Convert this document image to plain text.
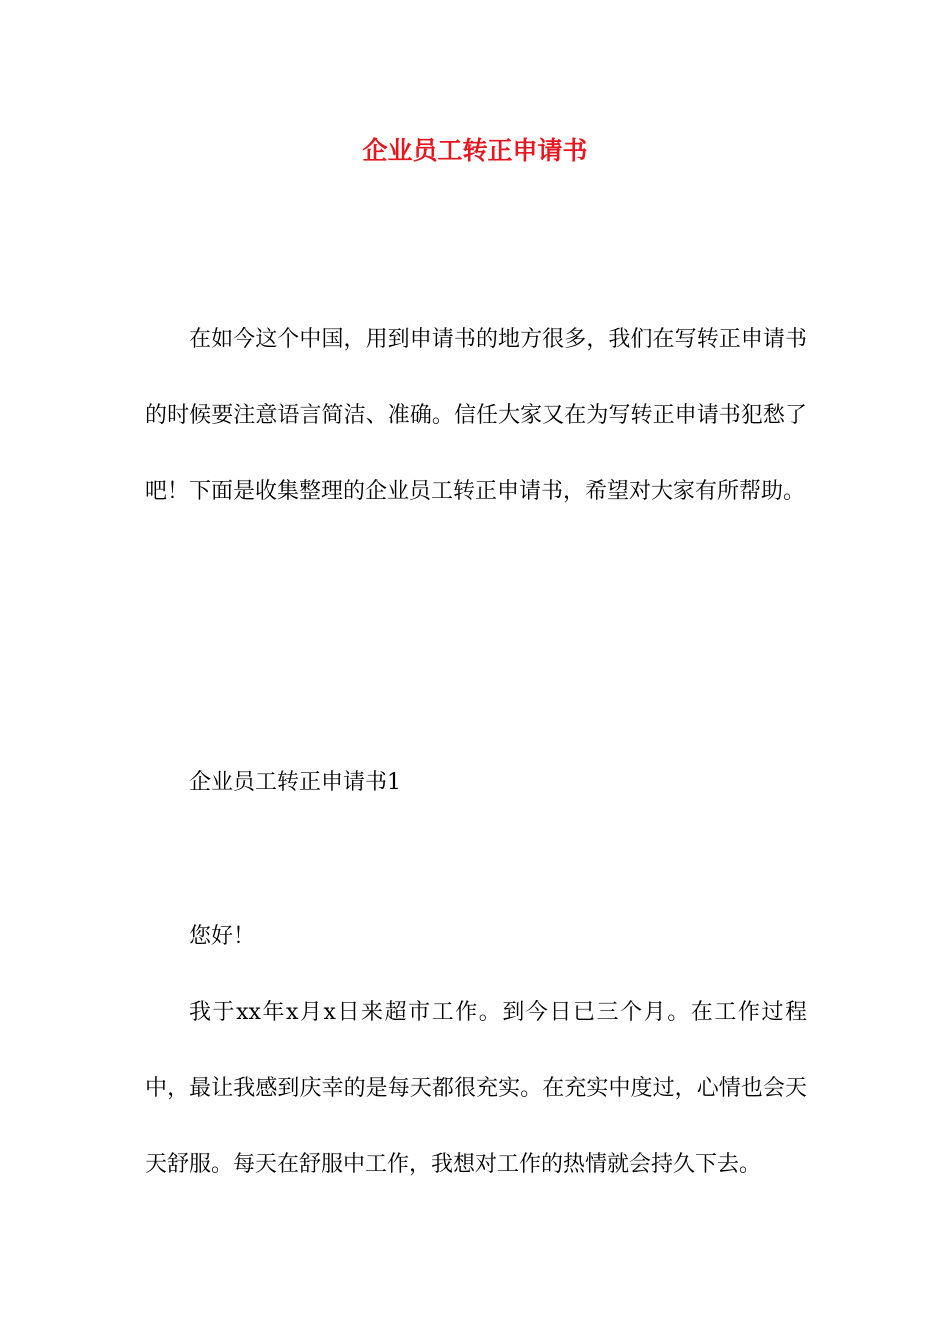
企业员工转正申请书

在如今这个中国，用到申请书的地方很多，我们在写转正申请书的时候要注意语言简洁、准确。信任大家又在为写转正申请书犯愁了吧！下面是收集整理的企业员工转正申请书，希望对大家有所帮助。

企业员工转正申请书1

您好！

我于xx年x月x日来超市工作。到今日已三个月。在工作过程中，最让我感到庆幸的是每天都很充实。在充实中度过，心情也会天天舒服。每天在舒服中工作，我想对工作的热情就会持久下去。
